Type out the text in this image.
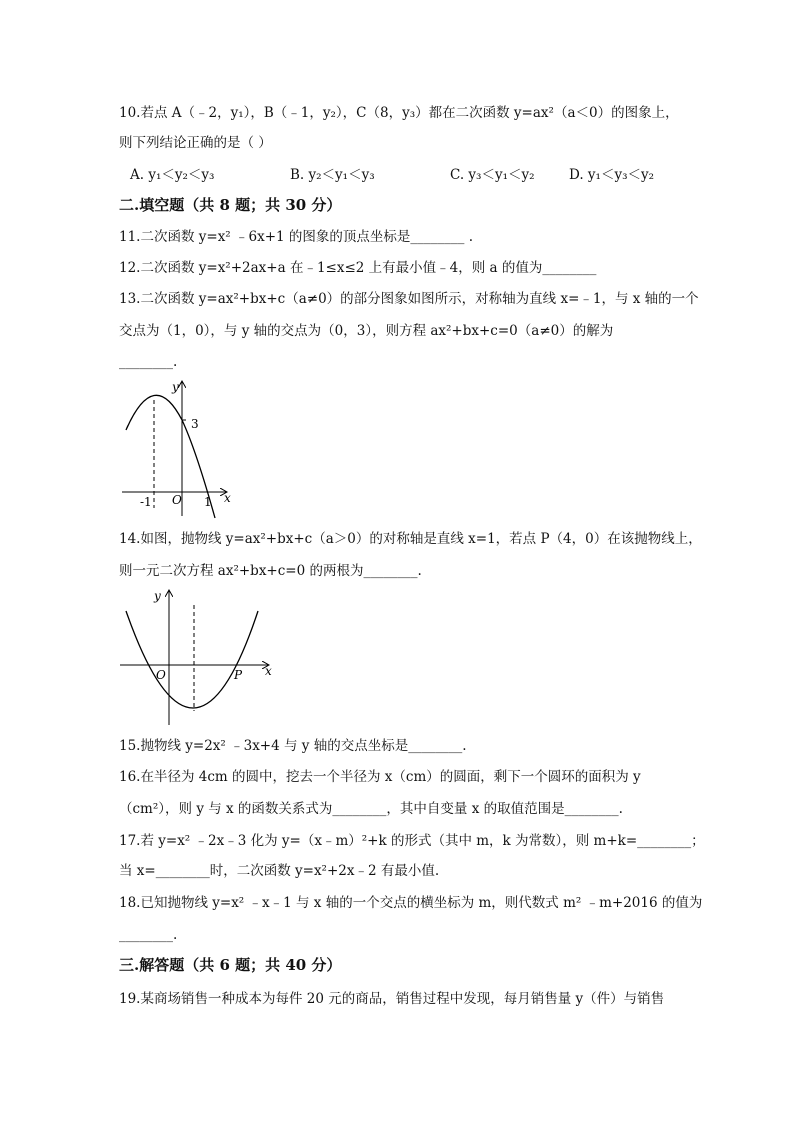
10.若点 A（﹣2，y₁），B（﹣1，y₂），C（8，y₃）都在二次函数 y=ax²（a＜0）的图象上，
则下列结论正确的是（ ）
A. y₁＜y₂＜y₃	B. y₂＜y₁＜y₃	C. y₃＜y₁＜y₂	D. y₁＜y₃＜y₂
二.填空题（共 8 题；共 30 分）
11.二次函数 y=x² ﹣6x+1 的图象的顶点坐标是________ .
12.二次函数 y=x²+2ax+a 在﹣1≤x≤2 上有最小值﹣4，则 a 的值为________
13.二次函数 y=ax²+bx+c（a≠0）的部分图象如图所示，对称轴为直线 x=﹣1，与 x 轴的一个
交点为（1，0），与 y 轴的交点为（0，3），则方程 ax²+bx+c=0（a≠0）的解为
________.
y
3
-1 O 1 x
14.如图，抛物线 y=ax²+bx+c（a＞0）的对称轴是直线 x=1，若点 P（4，0）在该抛物线上，
则一元二次方程 ax²+bx+c=0 的两根为________.
y
O	P x
15.抛物线 y=2x² ﹣3x+4 与 y 轴的交点坐标是________.
16.在半径为 4cm 的圆中，挖去一个半径为 x（cm）的圆面，剩下一个圆环的面积为 y
（cm²），则 y 与 x 的函数关系式为________，其中自变量 x 的取值范围是________.
17.若 y=x² ﹣2x﹣3 化为 y=（x﹣m）²+k 的形式（其中 m，k 为常数），则 m+k=________；
当 x=________时，二次函数 y=x²+2x﹣2 有最小值.
18.已知抛物线 y=x² ﹣x﹣1 与 x 轴的一个交点的横坐标为 m，则代数式 m² ﹣m+2016 的值为
________.
三.解答题（共 6 题；共 40 分）
19.某商场销售一种成本为每件 20 元的商品，销售过程中发现，每月销售量 y（件）与销售
